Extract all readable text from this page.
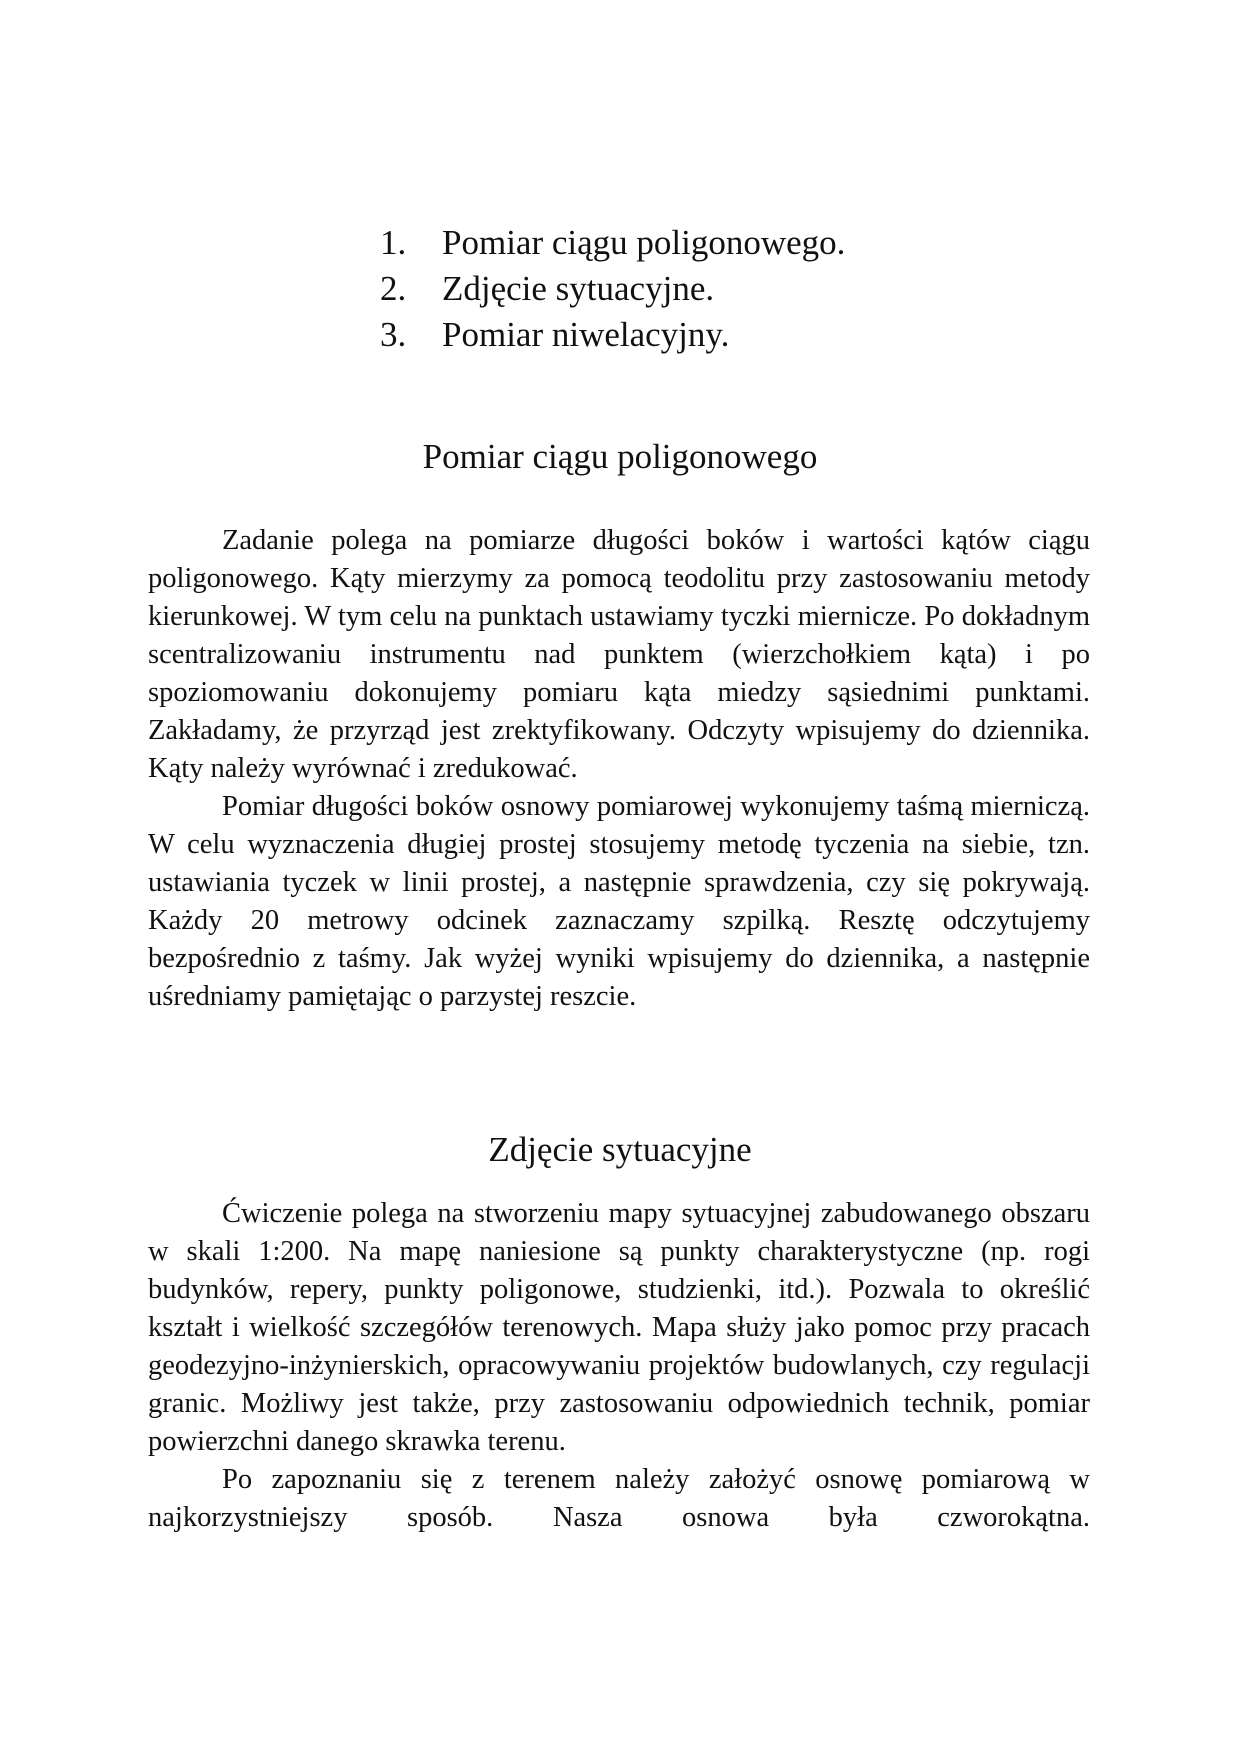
1. Pomiar ciągu poligonowego.
2. Zdjęcie sytuacyjne.
3. Pomiar niwelacyjny.
Pomiar ciągu poligonowego

Zadanie polega na pomiarze długości boków i wartości kątów ciągu poligonowego. Kąty mierzymy za pomocą teodolitu przy zastosowaniu metody kierunkowej. W tym celu na punktach ustawiamy tyczki miernicze. Po dokładnym scentralizowaniu instrumentu nad punktem (wierzchołkiem kąta) i po spoziomowaniu dokonujemy pomiaru kąta miedzy sąsiednimi punktami. Zakładamy, że przyrząd jest zrektyfikowany. Odczyty wpisujemy do dziennika. Kąty należy wyrównać i zredukować.

Pomiar długości boków osnowy pomiarowej wykonujemy taśmą mierniczą. W celu wyznaczenia długiej prostej stosujemy metodę tyczenia na siebie, tzn. ustawiania tyczek w linii prostej, a następnie sprawdzenia, czy się pokrywają. Każdy 20 metrowy odcinek zaznaczamy szpilką. Resztę odczytujemy bezpośrednio z taśmy. Jak wyżej wyniki wpisujemy do dziennika, a następnie uśredniamy pamiętając o parzystej reszcie.

Zdjęcie sytuacyjne

Ćwiczenie polega na stworzeniu mapy sytuacyjnej zabudowanego obszaru w skali 1:200. Na mapę naniesione są punkty charakterystyczne (np. rogi budynków, repery, punkty poligonowe, studzienki, itd.). Pozwala to określić kształt i wielkość szczegółów terenowych. Mapa służy jako pomoc przy pracach geodezyjno-inżynierskich, opracowywaniu projektów budowlanych, czy regulacji granic. Możliwy jest także, przy zastosowaniu odpowiednich technik, pomiar powierzchni danego skrawka terenu.

Po zapoznaniu się z terenem należy założyć osnowę pomiarową w najkorzystniejszy sposób. Nasza osnowa była czworokątna.
